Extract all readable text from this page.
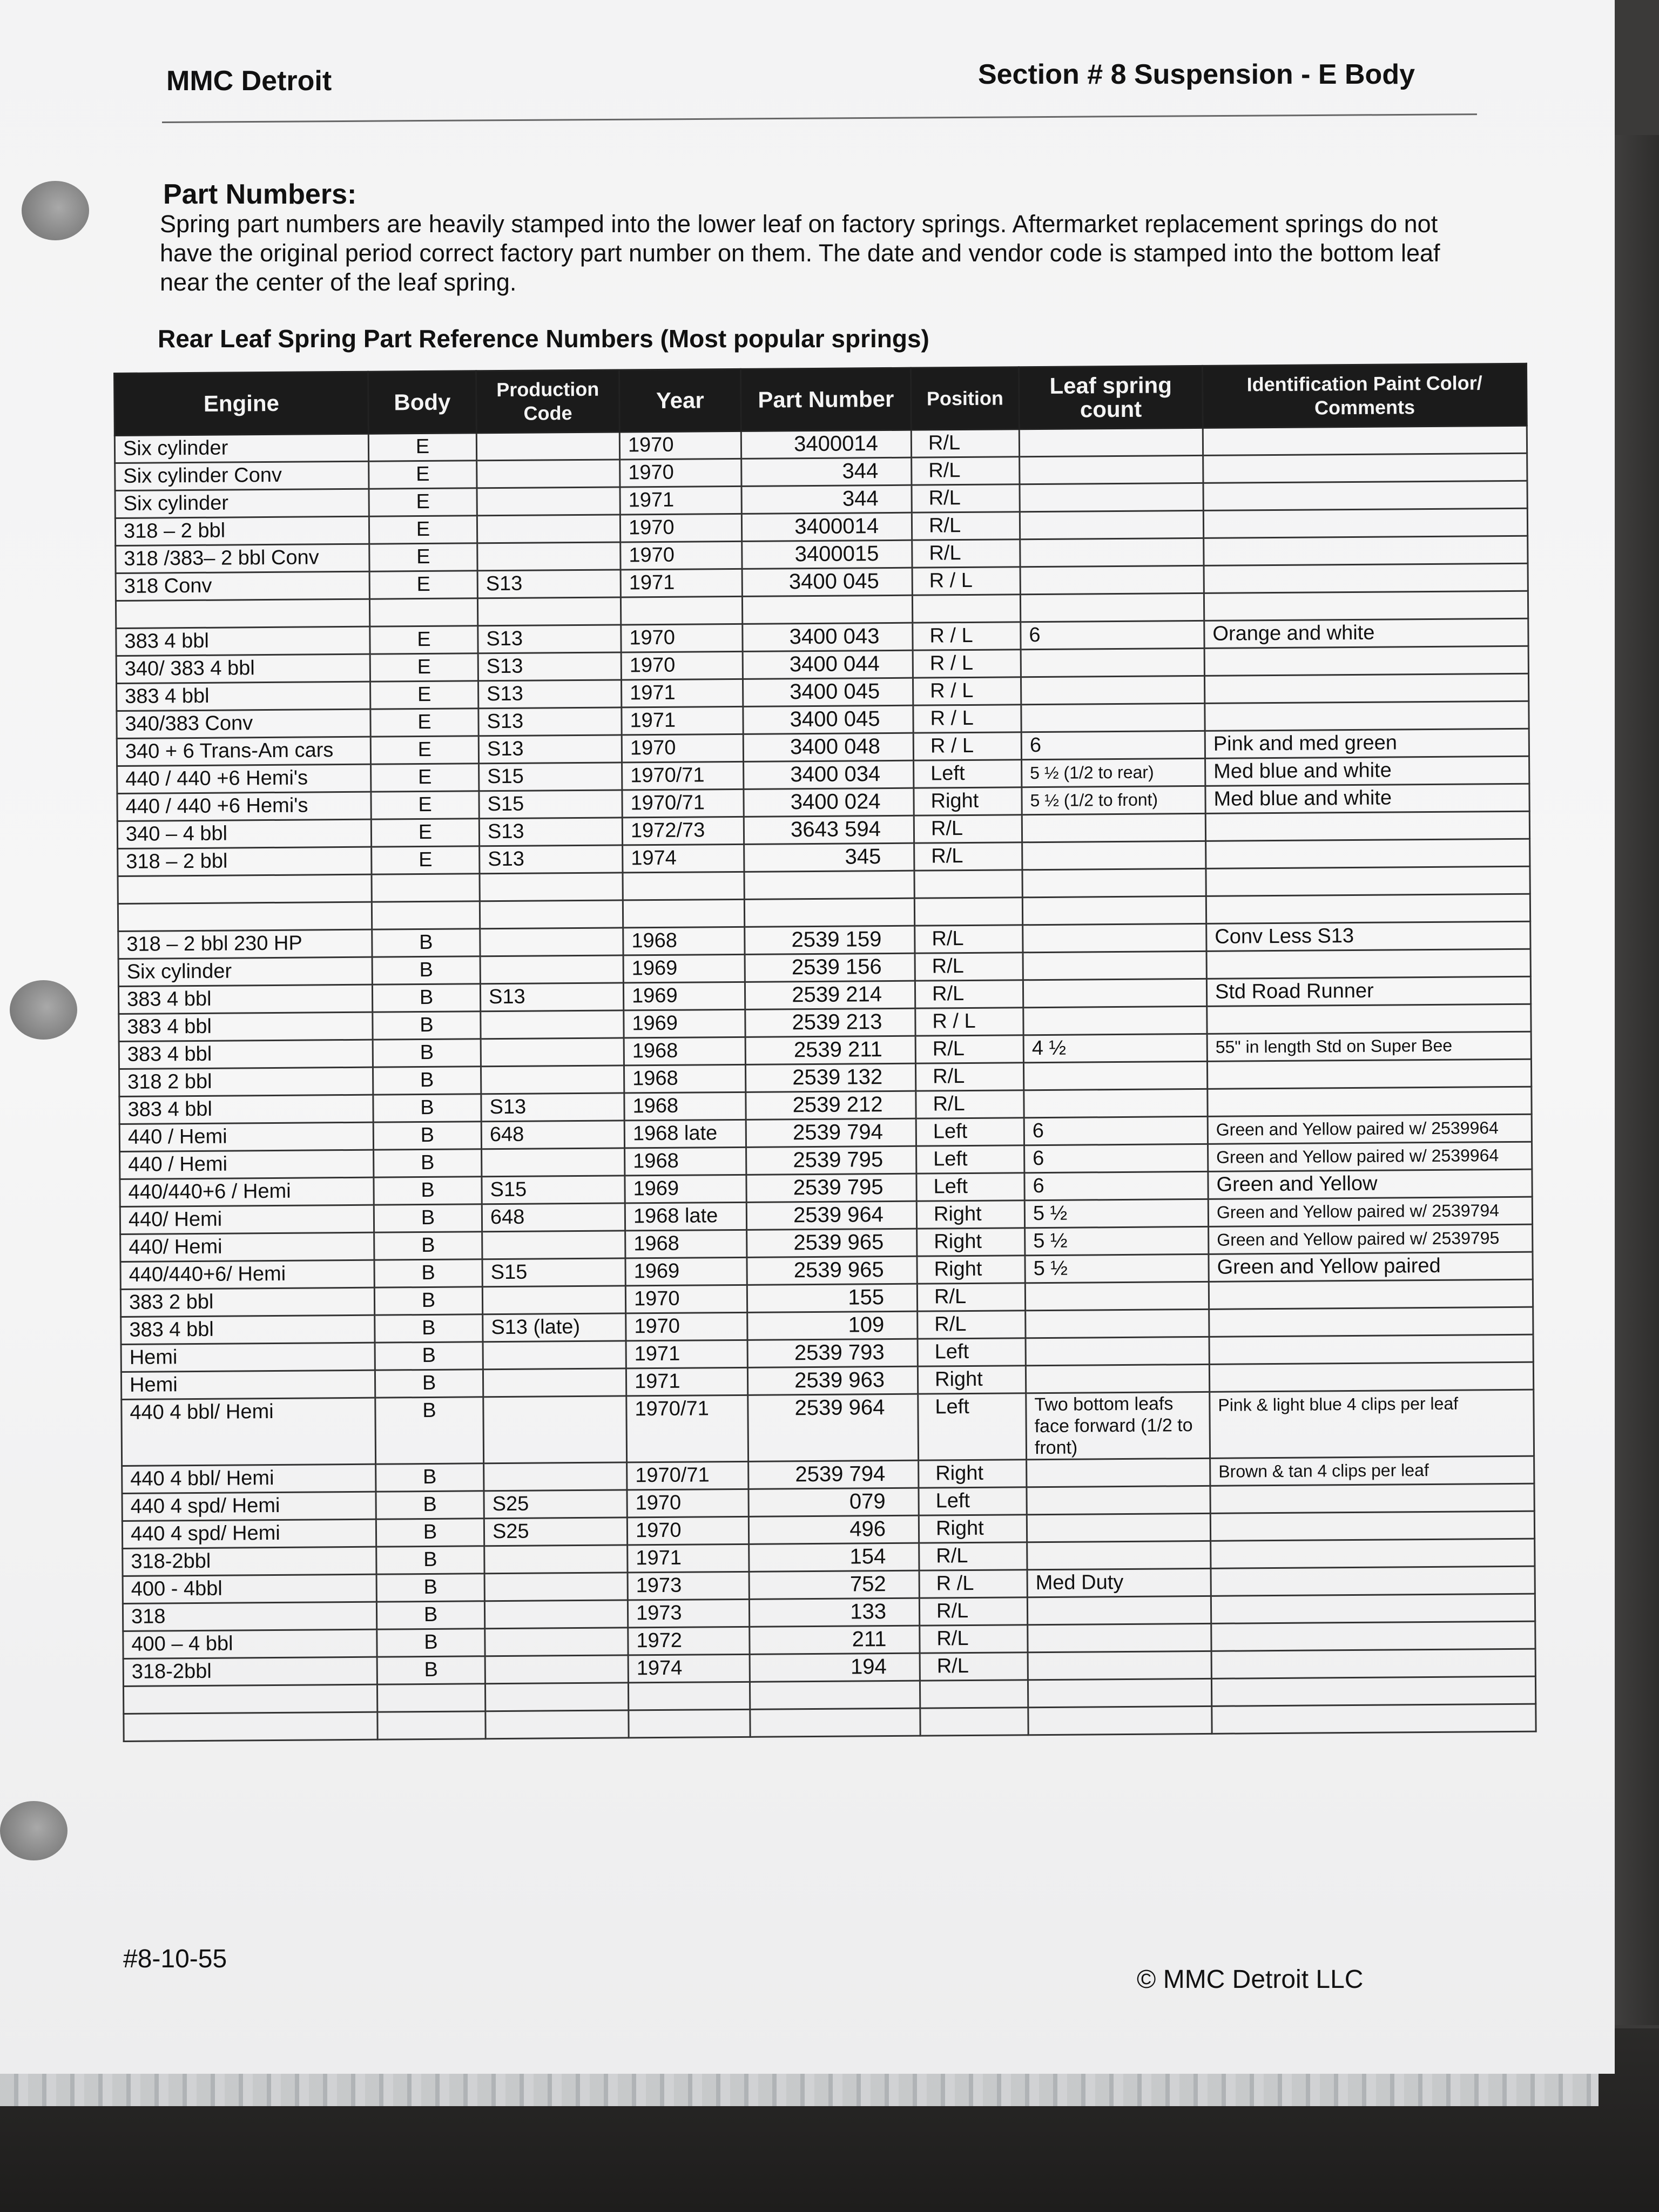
MMC Detroit	Section # 8 Suspension - E Body
Part Numbers:
Spring part numbers are heavily stamped into the lower leaf on factory springs. Aftermarket replacement springs do not have the original period correct factory part number on them. The date and vendor code is stamped into the bottom leaf near the center of the leaf spring.
Rear Leaf Spring Part Reference Numbers (Most popular springs)
Engine	Body	Production Code	Year	Part Number	Position	Leaf spring count	Identification Paint Color/ Comments
Six cylinder	E		1970	3400014	R/L		
Six cylinder Conv	E		1970	344	R/L		
Six cylinder	E		1971	344	R/L		
318 – 2 bbl	E		1970	3400014	R/L		
318 /383– 2 bbl Conv	E		1970	3400015	R/L		
318 Conv	E	S13	1971	3400 045	R / L		

383 4 bbl	E	S13	1970	3400 043	R / L	6	Orange and white
340/ 383 4 bbl	E	S13	1970	3400 044	R / L		
383 4 bbl	E	S13	1971	3400 045	R / L		
340/383 Conv	E	S13	1971	3400 045	R / L		
340 + 6 Trans-Am cars	E	S13	1970	3400 048	R / L	6	Pink and med green
440 / 440 +6 Hemi's	E	S15	1970/71	3400 034	Left	5 ½ (1/2 to rear)	Med blue and white
440 / 440 +6 Hemi's	E	S15	1970/71	3400 024	Right	5 ½ (1/2 to front)	Med blue and white
340 – 4 bbl	E	S13	1972/73	3643 594	R/L		
318 – 2 bbl	E	S13	1974	345	R/L		

318 – 2 bbl 230 HP	B		1968	2539 159	R/L		Conv Less S13
Six cylinder	B		1969	2539 156	R/L		
383 4 bbl	B	S13	1969	2539 214	R/L		Std Road Runner
383 4 bbl	B		1969	2539 213	R / L		
383 4 bbl	B		1968	2539 211	R/L	4 ½	55" in length Std on Super Bee
318 2 bbl	B		1968	2539 132	R/L		
383 4 bbl	B	S13	1968	2539 212	R/L		
440 / Hemi	B	648	1968 late	2539 794	Left	6	Green and Yellow paired w/ 2539964
440 / Hemi	B		1968	2539 795	Left	6	Green and Yellow paired w/ 2539964
440/440+6 / Hemi	B	S15	1969	2539 795	Left	6	Green and Yellow
440/ Hemi	B	648	1968 late	2539 964	Right	5 ½	Green and Yellow paired w/ 2539794
440/ Hemi	B		1968	2539 965	Right	5 ½	Green and Yellow paired w/ 2539795
440/440+6/ Hemi	B	S15	1969	2539 965	Right	5 ½	Green and Yellow paired
383 2 bbl	B		1970	155	R/L		
383 4 bbl	B	S13 (late)	1970	109	R/L		
Hemi	B		1971	2539 793	Left		
Hemi	B		1971	2539 963	Right		
440 4 bbl/ Hemi	B		1970/71	2539 964	Left	Two bottom leafs face forward (1/2 to front)	Pink & light blue 4 clips per leaf
440 4 bbl/ Hemi	B		1970/71	2539 794	Right		Brown & tan 4 clips per leaf
440 4 spd/ Hemi	B	S25	1970	079	Left		
440 4 spd/ Hemi	B	S25	1970	496	Right		
318-2bbl	B		1971	154	R/L		
400 - 4bbl	B		1973	752	R /L	Med Duty	
318	B		1973	133	R/L		
400 – 4 bbl	B		1972	211	R/L		
318-2bbl	B		1974	194	R/L		

#8-10-55
© MMC Detroit LLC
